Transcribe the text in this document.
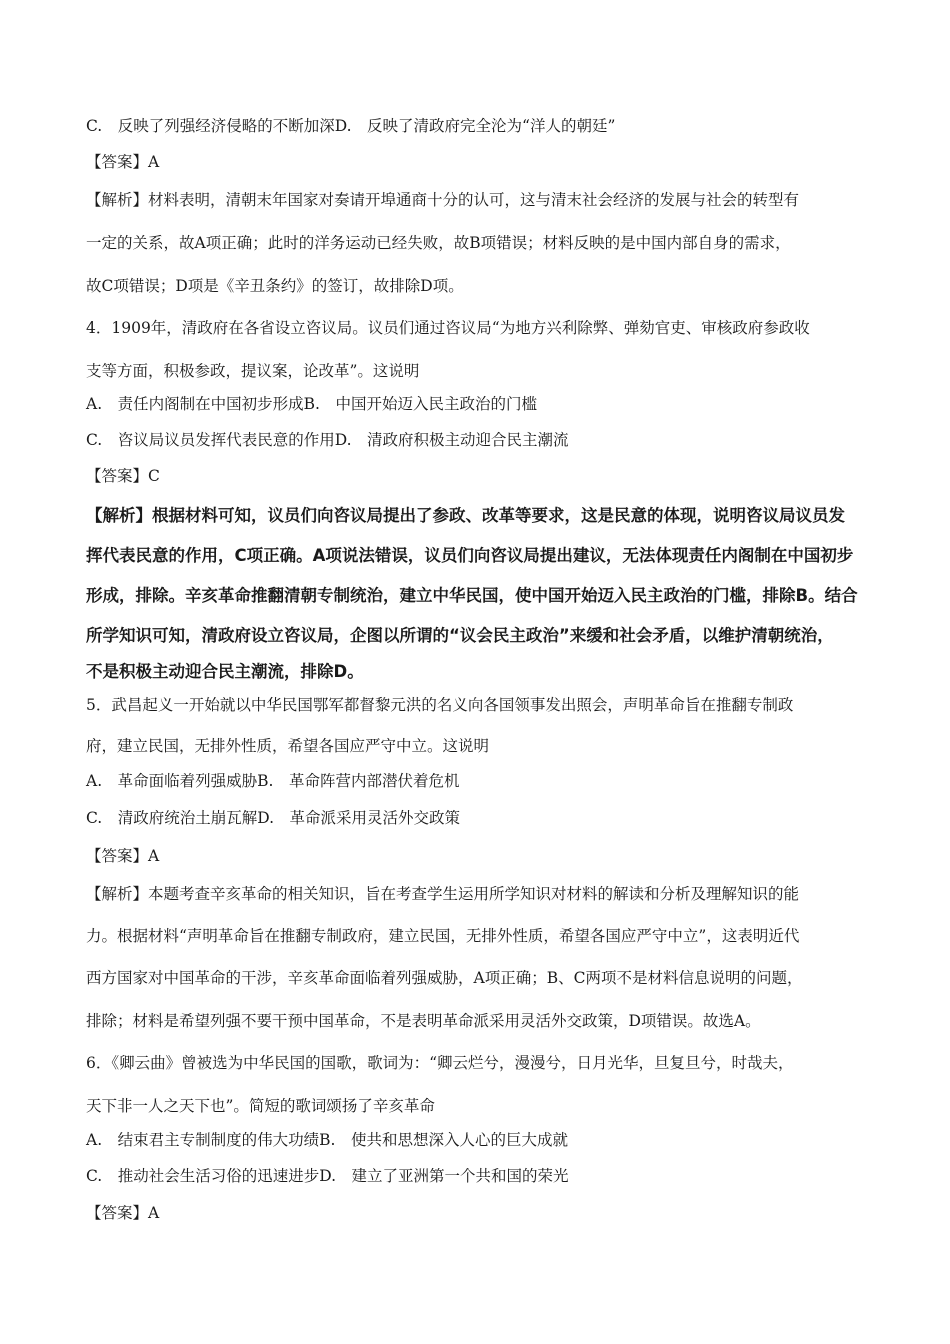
C.　反映了列强经济侵略的不断加深D.　反映了清政府完全沦为“洋人的朝廷”
【答案】A
【解析】材料表明，清朝末年国家对奏请开埠通商十分的认可，这与清末社会经济的发展与社会的转型有
一定的关系，故A项正确；此时的洋务运动已经失败，故B项错误；材料反映的是中国内部自身的需求，
故C项错误；D项是《辛丑条约》的签订，故排除D项。
4．1909年，清政府在各省设立咨议局。议员们通过咨议局“为地方兴利除弊、弹劾官吏、审核政府参政收
支等方面，积极参政，提议案，论改革”。这说明
A.　责任内阁制在中国初步形成B.　中国开始迈入民主政治的门槛
C.　咨议局议员发挥代表民意的作用D.　清政府积极主动迎合民主潮流
【答案】C
【解析】根据材料可知，议员们向咨议局提出了参政、改革等要求，这是民意的体现，说明咨议局议员发
挥代表民意的作用，C项正确。A项说法错误，议员们向咨议局提出建议，无法体现责任内阁制在中国初步
形成，排除。辛亥革命推翻清朝专制统治，建立中华民国，使中国开始迈入民主政治的门槛，排除B。结合
所学知识可知，清政府设立咨议局，企图以所谓的“议会民主政治”来缓和社会矛盾，以维护清朝统治，
不是积极主动迎合民主潮流，排除D。
5．武昌起义一开始就以中华民国鄂军都督黎元洪的名义向各国领事发出照会，声明革命旨在推翻专制政
府，建立民国，无排外性质，希望各国应严守中立。这说明
A.　革命面临着列强威胁B.　革命阵营内部潜伏着危机
C.　清政府统治土崩瓦解D.　革命派采用灵活外交政策
【答案】A
【解析】本题考查辛亥革命的相关知识，旨在考查学生运用所学知识对材料的解读和分析及理解知识的能
力。根据材料“声明革命旨在推翻专制政府，建立民国，无排外性质，希望各国应严守中立”，这表明近代
西方国家对中国革命的干涉，辛亥革命面临着列强威胁，A项正确；B、C两项不是材料信息说明的问题，
排除；材料是希望列强不要干预中国革命，不是表明革命派采用灵活外交政策，D项错误。故选A。
6．《卿云曲》曾被选为中华民国的国歌，歌词为：“卿云烂兮，漫漫兮，日月光华，旦复旦兮，时哉夫，
天下非一人之天下也”。简短的歌词颂扬了辛亥革命
A.　结束君主专制制度的伟大功绩B.　使共和思想深入人心的巨大成就
C.　推动社会生活习俗的迅速进步D.　建立了亚洲第一个共和国的荣光
【答案】A
